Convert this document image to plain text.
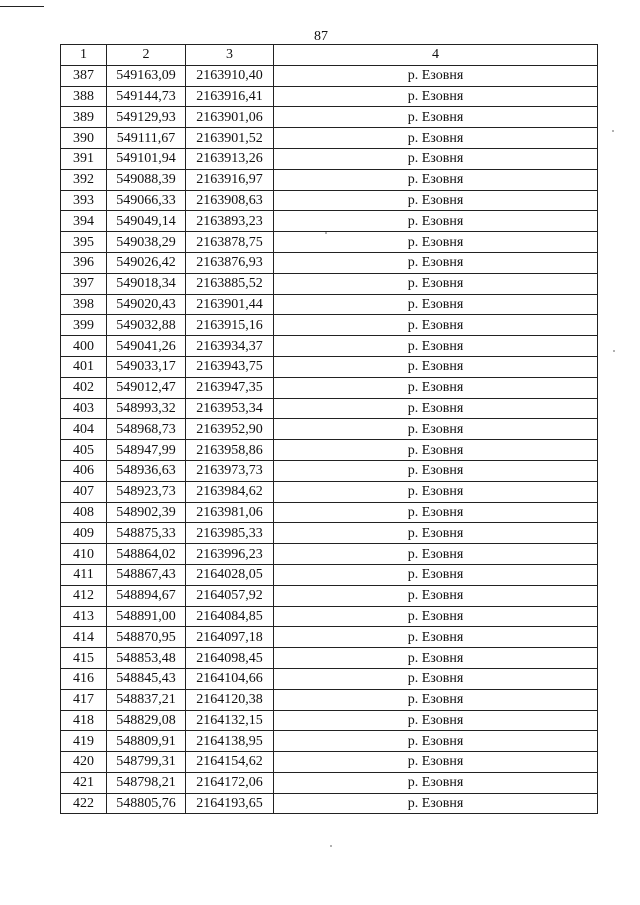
87
1	2	3	4
387	549163,09	2163910,40	р. Езовня
388	549144,73	2163916,41	р. Езовня
389	549129,93	2163901,06	р. Езовня
390	549111,67	2163901,52	р. Езовня
391	549101,94	2163913,26	р. Езовня
392	549088,39	2163916,97	р. Езовня
393	549066,33	2163908,63	р. Езовня
394	549049,14	2163893,23	р. Езовня
395	549038,29	2163878,75	р. Езовня
396	549026,42	2163876,93	р. Езовня
397	549018,34	2163885,52	р. Езовня
398	549020,43	2163901,44	р. Езовня
399	549032,88	2163915,16	р. Езовня
400	549041,26	2163934,37	р. Езовня
401	549033,17	2163943,75	р. Езовня
402	549012,47	2163947,35	р. Езовня
403	548993,32	2163953,34	р. Езовня
404	548968,73	2163952,90	р. Езовня
405	548947,99	2163958,86	р. Езовня
406	548936,63	2163973,73	р. Езовня
407	548923,73	2163984,62	р. Езовня
408	548902,39	2163981,06	р. Езовня
409	548875,33	2163985,33	р. Езовня
410	548864,02	2163996,23	р. Езовня
411	548867,43	2164028,05	р. Езовня
412	548894,67	2164057,92	р. Езовня
413	548891,00	2164084,85	р. Езовня
414	548870,95	2164097,18	р. Езовня
415	548853,48	2164098,45	р. Езовня
416	548845,43	2164104,66	р. Езовня
417	548837,21	2164120,38	р. Езовня
418	548829,08	2164132,15	р. Езовня
419	548809,91	2164138,95	р. Езовня
420	548799,31	2164154,62	р. Езовня
421	548798,21	2164172,06	р. Езовня
422	548805,76	2164193,65	р. Езовня
